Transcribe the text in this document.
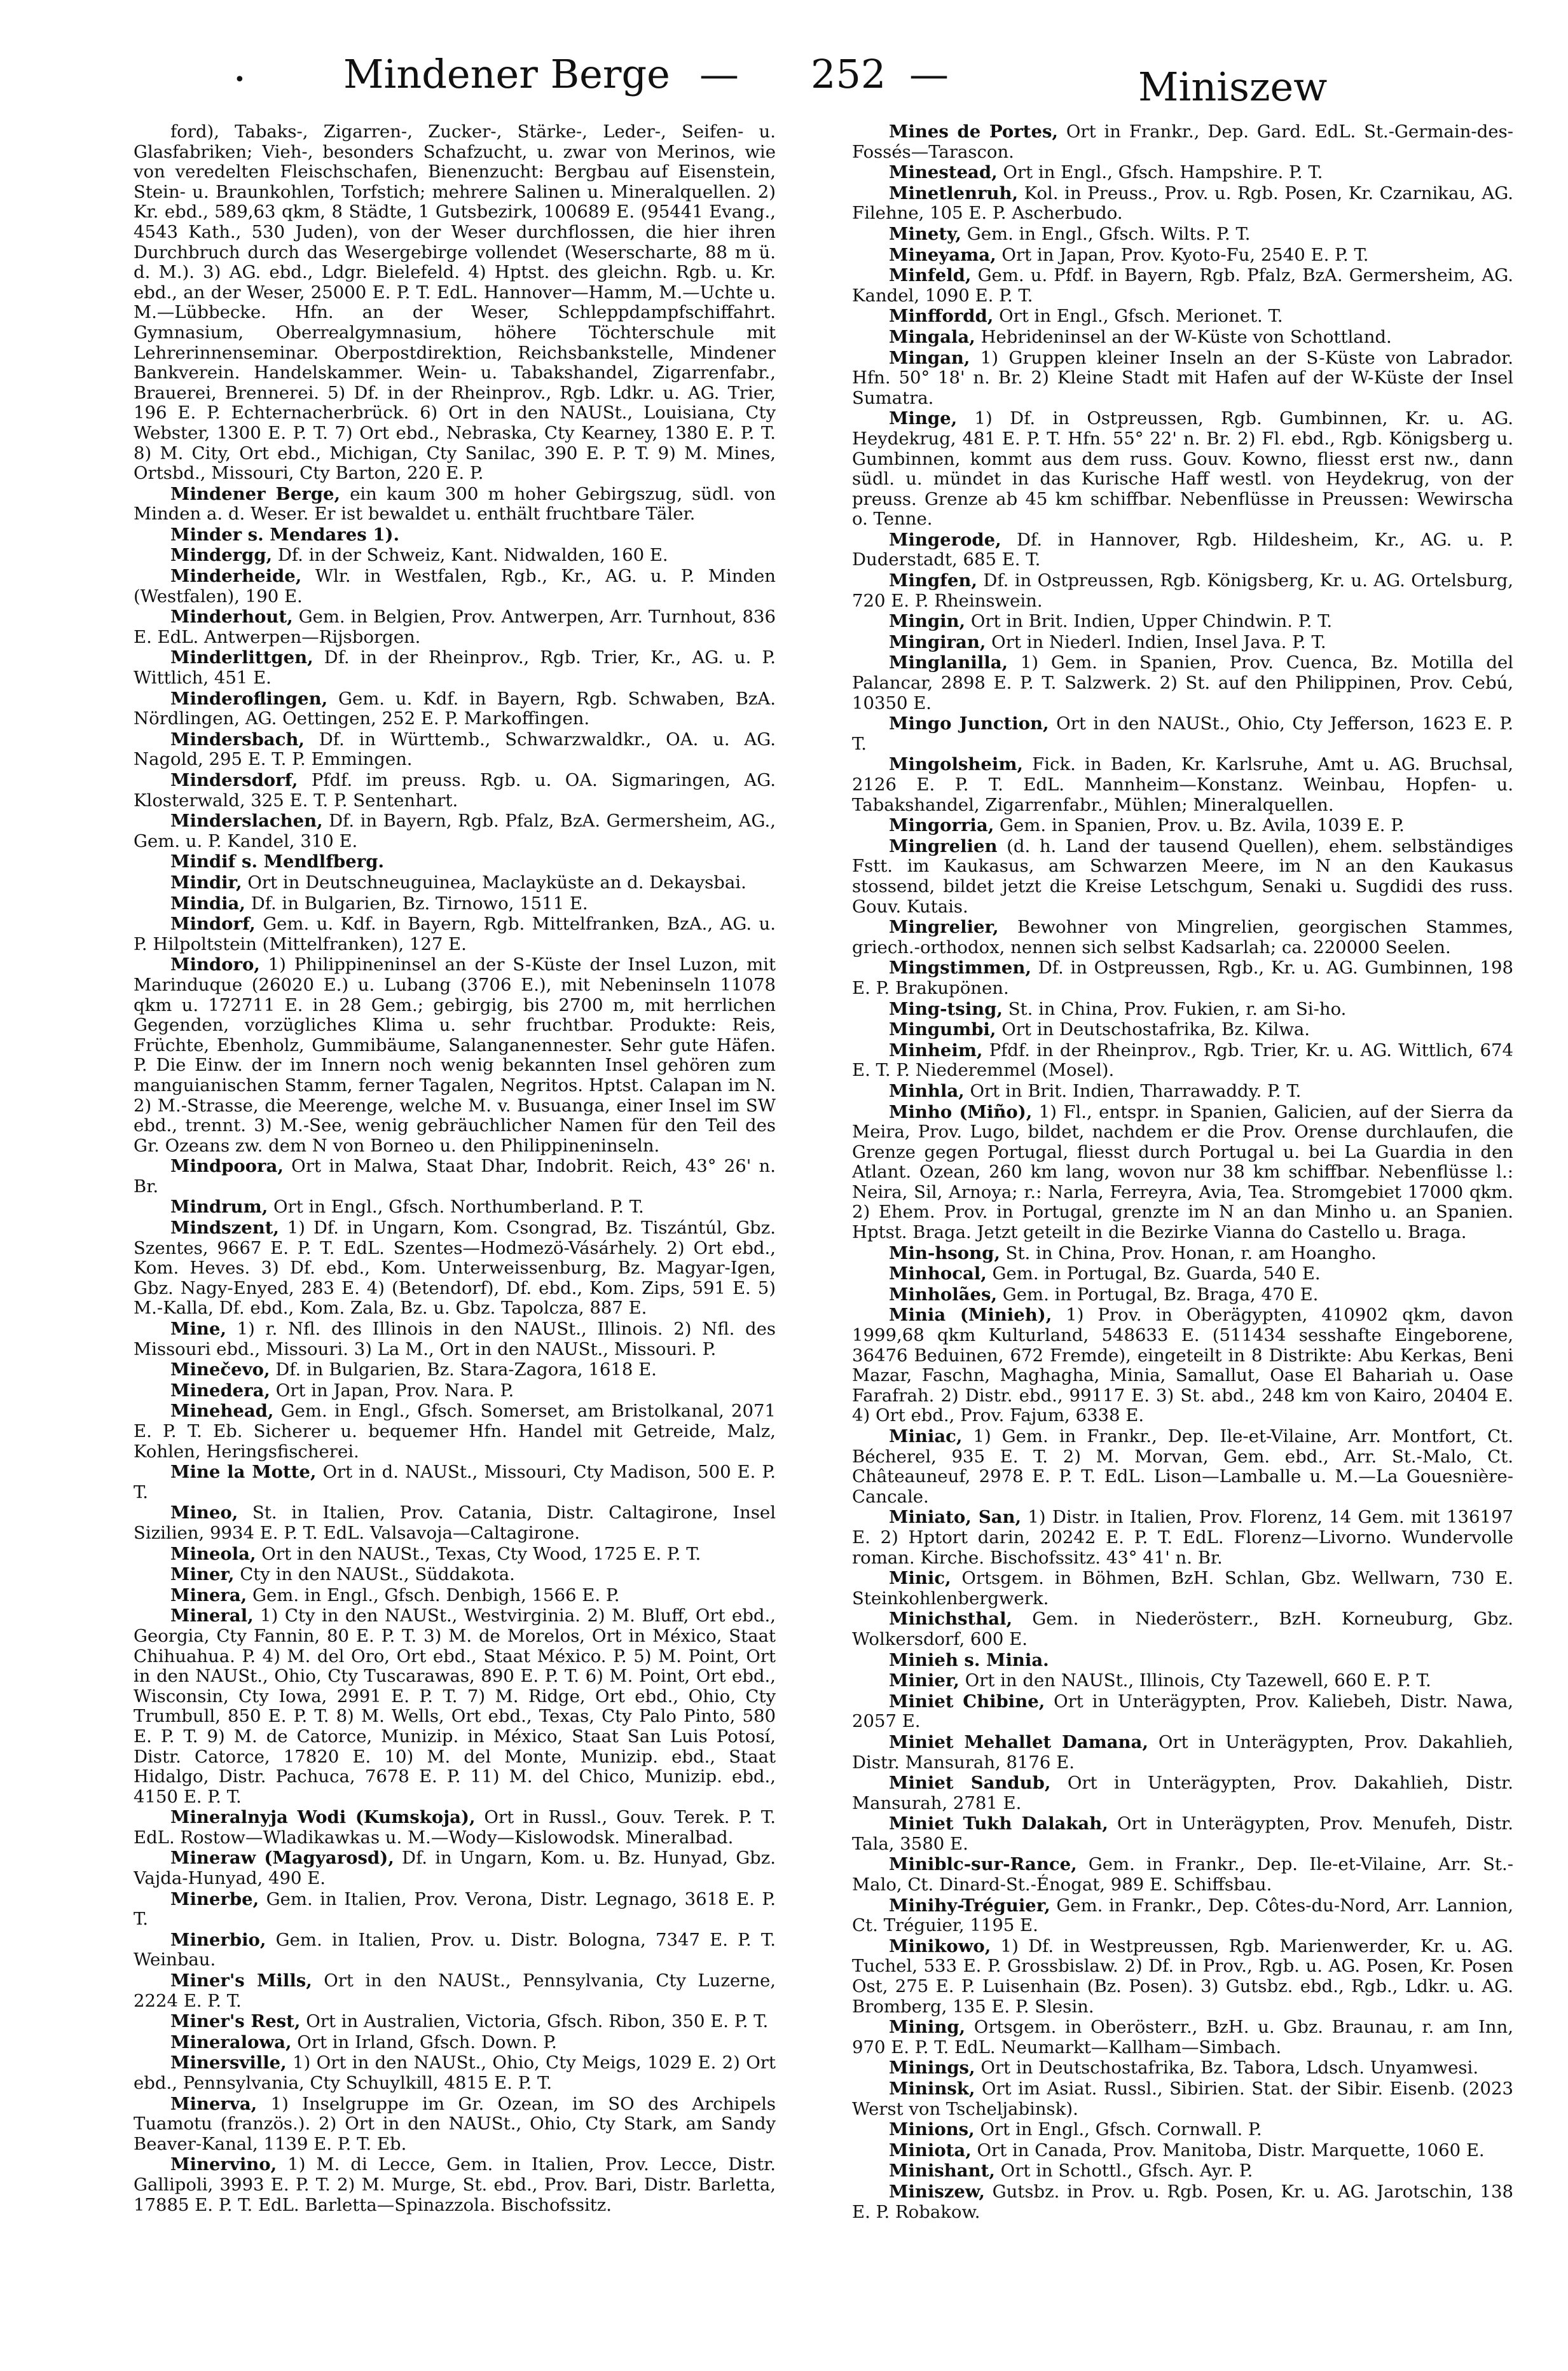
• Mindener Berge — 252 —	Miniszew

ford), Tabaks-, Zigarren-, Zucker-, Stärke-, Leder-, Seifen- u. Glasfabriken; Vieh-, besonders Schafzucht, u. zwar von Merinos, wie von veredelten Fleischschafen, Bienenzucht: Bergbau auf Eisenstein, Stein- u. Braunkohlen, Torfstich; mehrere Salinen u. Mineralquellen. 2) Kr. ebd., 589,63 qkm, 8 Städte, 1 Gutsbezirk, 100689 E. (95441 Evang., 4543 Kath., 530 Juden), von der Weser durchflossen, die hier ihren Durchbruch durch das Wesergebirge vollendet (Weserscharte, 88 m ü. d. M.). 3) AG. ebd., Ldgr. Bielefeld. 4) Hptst. des gleichn. Rgb. u. Kr. ebd., an der Weser, 25000 E. P. T. EdL. Hannover—Hamm, M.—Uchte u. M.—Lübbecke. Hfn. an der Weser, Schleppdampfschiffahrt. Gymnasium, Oberrealgymnasium, höhere Töchterschule mit Lehrerinnenseminar. Oberpostdirektion, Reichsbankstelle, Mindener Bankverein. Handelskammer. Wein- u. Tabakshandel, Zigarrenfabr., Brauerei, Brennerei. 5) Df. in der Rheinprov., Rgb. Ldkr. u. AG. Trier, 196 E. P. Echternacherbrück. 6) Ort in den NAUSt., Louisiana, Cty Webster, 1300 E. P. T. 7) Ort ebd., Nebraska, Cty Kearney, 1380 E. P. T. 8) M. City, Ort ebd., Michigan, Cty Sanilac, 390 E. P. T. 9) M. Mines, Ortsbd., Missouri, Cty Barton, 220 E. P.

Mindener Berge, ein kaum 300 m hoher Gebirgszug, südl. von Minden a. d. Weser. Er ist bewaldet u. enthält fruchtbare Täler.

Minder s. Mendares 1).

Mindergg, Df. in der Schweiz, Kant. Nidwalden, 160 E.

Minderheide, Wlr. in Westfalen, Rgb., Kr., AG. u. P. Minden (Westfalen), 190 E.

Minderhout, Gem. in Belgien, Prov. Antwerpen, Arr. Turnhout, 836 E. EdL. Antwerpen—Rijsborgen.

Minderlittgen, Df. in der Rheinprov., Rgb. Trier, Kr., AG. u. P. Wittlich, 451 E.

Minderoflingen, Gem. u. Kdf. in Bayern, Rgb. Schwaben, BzA. Nördlingen, AG. Oettingen, 252 E. P. Markoffingen.

Mindersbach, Df. in Württemb., Schwarzwaldkr., OA. u. AG. Nagold, 295 E. T. P. Emmingen.

Mindersdorf, Pfdf. im preuss. Rgb. u. OA. Sigmaringen, AG. Klosterwald, 325 E. T. P. Sentenhart.

Minderslachen, Df. in Bayern, Rgb. Pfalz, BzA. Germersheim, AG., Gem. u. P. Kandel, 310 E.

Mindif s. Mendlfberg.

Mindir, Ort in Deutschneuguinea, Maclayküste an d. Dekaysbai.

Mindia, Df. in Bulgarien, Bz. Tirnowo, 1511 E.

Mindorf, Gem. u. Kdf. in Bayern, Rgb. Mittelfranken, BzA., AG. u. P. Hilpoltstein (Mittelfranken), 127 E.

Mindoro, 1) Philippineninsel an der S-Küste der Insel Luzon, mit Marinduque (26020 E.) u. Lubang (3706 E.), mit Nebeninseln 11078 qkm u. 172711 E. in 28 Gem.; gebirgig, bis 2700 m, mit herrlichen Gegenden, vorzügliches Klima u. sehr fruchtbar. Produkte: Reis, Früchte, Ebenholz, Gummibäume, Salanganennester. Sehr gute Häfen. P. Die Einw. der im Innern noch wenig bekannten Insel gehören zum manguianischen Stamm, ferner Tagalen, Negritos. Hptst. Calapan im N. 2) M.-Strasse, die Meerenge, welche M. v. Busuanga, einer Insel im SW ebd., trennt. 3) M.-See, wenig gebräuchlicher Namen für den Teil des Gr. Ozeans zw. dem N von Borneo u. den Philippineninseln.

Mindpoora, Ort in Malwa, Staat Dhar, Indobrit. Reich, 43° 26' n. Br.

Mindrum, Ort in Engl., Gfsch. Northumberland. P. T.

Mindszent, 1) Df. in Ungarn, Kom. Csongrad, Bz. Tiszántúl, Gbz. Szentes, 9667 E. P. T. EdL. Szentes—Hodmezö-Vásárhely. 2) Ort ebd., Kom. Heves. 3) Df. ebd., Kom. Unterweissenburg, Bz. Magyar-Igen, Gbz. Nagy-Enyed, 283 E. 4) (Betendorf), Df. ebd., Kom. Zips, 591 E. 5) M.-Kalla, Df. ebd., Kom. Zala, Bz. u. Gbz. Tapolcza, 887 E.

Mine, 1) r. Nfl. des Illinois in den NAUSt., Illinois. 2) Nfl. des Missouri ebd., Missouri. 3) La M., Ort in den NAUSt., Missouri. P.

Minečevo, Df. in Bulgarien, Bz. Stara-Zagora, 1618 E.

Minedera, Ort in Japan, Prov. Nara. P.

Minehead, Gem. in Engl., Gfsch. Somerset, am Bristolkanal, 2071 E. P. T. Eb. Sicherer u. bequemer Hfn. Handel mit Getreide, Malz, Kohlen, Heringsfischerei.

Mine la Motte, Ort in d. NAUSt., Missouri, Cty Madison, 500 E. P. T.

Mineo, St. in Italien, Prov. Catania, Distr. Caltagirone, Insel Sizilien, 9934 E. P. T. EdL. Valsavoja—Caltagirone.

Mineola, Ort in den NAUSt., Texas, Cty Wood, 1725 E. P. T.

Miner, Cty in den NAUSt., Süddakota.

Minera, Gem. in Engl., Gfsch. Denbigh, 1566 E. P.

Mineral, 1) Cty in den NAUSt., Westvirginia. 2) M. Bluff, Ort ebd., Georgia, Cty Fannin, 80 E. P. T. 3) M. de Morelos, Ort in México, Staat Chihuahua. P. 4) M. del Oro, Ort ebd., Staat México. P. 5) M. Point, Ort in den NAUSt., Ohio, Cty Tuscarawas, 890 E. P. T. 6) M. Point, Ort ebd., Wisconsin, Cty Iowa, 2991 E. P. T. 7) M. Ridge, Ort ebd., Ohio, Cty Trumbull, 850 E. P. T. 8) M. Wells, Ort ebd., Texas, Cty Palo Pinto, 580 E. P. T. 9) M. de Catorce, Munizip. in México, Staat San Luis Potosí, Distr. Catorce, 17820 E. 10) M. del Monte, Munizip. ebd., Staat Hidalgo, Distr. Pachuca, 7678 E. P. 11) M. del Chico, Munizip. ebd., 4150 E. P. T.

Mineralnyja Wodi (Kumskoja), Ort in Russl., Gouv. Terek. P. T. EdL. Rostow—Wladikawkas u. M.—Wody—Kislowodsk. Mineralbad.

Mineraw (Magyarosd), Df. in Ungarn, Kom. u. Bz. Hunyad, Gbz. Vajda-Hunyad, 490 E.

Minerbe, Gem. in Italien, Prov. Verona, Distr. Legnago, 3618 E. P. T.

Minerbio, Gem. in Italien, Prov. u. Distr. Bologna, 7347 E. P. T. Weinbau.

Miner's Mills, Ort in den NAUSt., Pennsylvania, Cty Luzerne, 2224 E. P. T.

Miner's Rest, Ort in Australien, Victoria, Gfsch. Ribon, 350 E. P. T.

Mineralowa, Ort in Irland, Gfsch. Down. P.

Minersville, 1) Ort in den NAUSt., Ohio, Cty Meigs, 1029 E. 2) Ort ebd., Pennsylvania, Cty Schuylkill, 4815 E. P. T.

Minerva, 1) Inselgruppe im Gr. Ozean, im SO des Archipels Tuamotu (französ.). 2) Ort in den NAUSt., Ohio, Cty Stark, am Sandy Beaver-Kanal, 1139 E. P. T. Eb.

Minervino, 1) M. di Lecce, Gem. in Italien, Prov. Lecce, Distr. Gallipoli, 3993 E. P. T. 2) M. Murge, St. ebd., Prov. Bari, Distr. Barletta, 17885 E. P. T. EdL. Barletta—Spinazzola. Bischofssitz.

Mines de Portes, Ort in Frankr., Dep. Gard. EdL. St.-Germain-des-Fossés—Tarascon.

Minestead, Ort in Engl., Gfsch. Hampshire. P. T.

Minetlenruh, Kol. in Preuss., Prov. u. Rgb. Posen, Kr. Czarnikau, AG. Filehne, 105 E. P. Ascherbudo.

Minety, Gem. in Engl., Gfsch. Wilts. P. T.

Mineyama, Ort in Japan, Prov. Kyoto-Fu, 2540 E. P. T.

Minfeld, Gem. u. Pfdf. in Bayern, Rgb. Pfalz, BzA. Germersheim, AG. Kandel, 1090 E. P. T.

Minffordd, Ort in Engl., Gfsch. Merionet. T.

Mingala, Hebrideninsel an der W-Küste von Schottland.

Mingan, 1) Gruppen kleiner Inseln an der S-Küste von Labrador. Hfn. 50° 18' n. Br. 2) Kleine Stadt mit Hafen auf der W-Küste der Insel Sumatra.

Minge, 1) Df. in Ostpreussen, Rgb. Gumbinnen, Kr. u. AG. Heydekrug, 481 E. P. T. Hfn. 55° 22' n. Br. 2) Fl. ebd., Rgb. Königsberg u. Gumbinnen, kommt aus dem russ. Gouv. Kowno, fliesst erst nw., dann südl. u. mündet in das Kurische Haff westl. von Heydekrug, von der preuss. Grenze ab 45 km schiffbar. Nebenflüsse in Preussen: Wewirscha o. Tenne.

Mingerode, Df. in Hannover, Rgb. Hildesheim, Kr., AG. u. P. Duderstadt, 685 E. T.

Mingfen, Df. in Ostpreussen, Rgb. Königsberg, Kr. u. AG. Ortelsburg, 720 E. P. Rheinswein.

Mingin, Ort in Brit. Indien, Upper Chindwin. P. T.

Mingiran, Ort in Niederl. Indien, Insel Java. P. T.

Minglanilla, 1) Gem. in Spanien, Prov. Cuenca, Bz. Motilla del Palancar, 2898 E. P. T. Salzwerk. 2) St. auf den Philippinen, Prov. Cebú, 10350 E.

Mingo Junction, Ort in den NAUSt., Ohio, Cty Jefferson, 1623 E. P. T.

Mingolsheim, Fick. in Baden, Kr. Karlsruhe, Amt u. AG. Bruchsal, 2126 E. P. T. EdL. Mannheim—Konstanz. Weinbau, Hopfen- u. Tabakshandel, Zigarrenfabr., Mühlen; Mineralquellen.

Mingorria, Gem. in Spanien, Prov. u. Bz. Avila, 1039 E. P.

Mingrelien (d. h. Land der tausend Quellen), ehem. selbständiges Fstt. im Kaukasus, am Schwarzen Meere, im N an den Kaukasus stossend, bildet jetzt die Kreise Letschgum, Senaki u. Sugdidi des russ. Gouv. Kutais.

Mingrelier, Bewohner von Mingrelien, georgischen Stammes, griech.-orthodox, nennen sich selbst Kadsarlah; ca. 220000 Seelen.

Mingstimmen, Df. in Ostpreussen, Rgb., Kr. u. AG. Gumbinnen, 198 E. P. Brakupönen.

Ming-tsing, St. in China, Prov. Fukien, r. am Si-ho.

Mingumbi, Ort in Deutschostafrika, Bz. Kilwa.

Minheim, Pfdf. in der Rheinprov., Rgb. Trier, Kr. u. AG. Wittlich, 674 E. T. P. Niederemmel (Mosel).

Minhla, Ort in Brit. Indien, Tharrawaddy. P. T.

Minho (Miño), 1) Fl., entspr. in Spanien, Galicien, auf der Sierra da Meira, Prov. Lugo, bildet, nachdem er die Prov. Orense durchlaufen, die Grenze gegen Portugal, fliesst durch Portugal u. bei La Guardia in den Atlant. Ozean, 260 km lang, wovon nur 38 km schiffbar. Nebenflüsse l.: Neira, Sil, Arnoya; r.: Narla, Ferreyra, Avia, Tea. Stromgebiet 17000 qkm. 2) Ehem. Prov. in Portugal, grenzte im N an dan Minho u. an Spanien. Hptst. Braga. Jetzt geteilt in die Bezirke Vianna do Castello u. Braga.

Min-hsong, St. in China, Prov. Honan, r. am Hoangho.

Minhocal, Gem. in Portugal, Bz. Guarda, 540 E.

Minholães, Gem. in Portugal, Bz. Braga, 470 E.

Minia (Minieh), 1) Prov. in Oberägypten, 410902 qkm, davon 1999,68 qkm Kulturland, 548633 E. (511434 sesshafte Eingeborene, 36476 Beduinen, 672 Fremde), eingeteilt in 8 Distrikte: Abu Kerkas, Beni Mazar, Faschn, Maghagha, Minia, Samallut, Oase El Bahariah u. Oase Farafrah. 2) Distr. ebd., 99117 E. 3) St. abd., 248 km von Kairo, 20404 E. 4) Ort ebd., Prov. Fajum, 6338 E.

Miniac, 1) Gem. in Frankr., Dep. Ile-et-Vilaine, Arr. Montfort, Ct. Bécherel, 935 E. T. 2) M. Morvan, Gem. ebd., Arr. St.-Malo, Ct. Châteauneuf, 2978 E. P. T. EdL. Lison—Lamballe u. M.—La Gouesnière-Cancale.

Miniato, San, 1) Distr. in Italien, Prov. Florenz, 14 Gem. mit 136197 E. 2) Hptort darin, 20242 E. P. T. EdL. Florenz—Livorno. Wundervolle roman. Kirche. Bischofssitz. 43° 41' n. Br.

Minic, Ortsgem. in Böhmen, BzH. Schlan, Gbz. Wellwarn, 730 E. Steinkohlenbergwerk.

Minichsthal, Gem. in Niederösterr., BzH. Korneuburg, Gbz. Wolkersdorf, 600 E.

Minieh s. Minia.

Minier, Ort in den NAUSt., Illinois, Cty Tazewell, 660 E. P. T.

Miniet Chibine, Ort in Unterägypten, Prov. Kaliebeh, Distr. Nawa, 2057 E.

Miniet Mehallet Damana, Ort in Unterägypten, Prov. Dakahlieh, Distr. Mansurah, 8176 E.

Miniet Sandub, Ort in Unterägypten, Prov. Dakahlieh, Distr. Mansurah, 2781 E.

Miniet Tukh Dalakah, Ort in Unterägypten, Prov. Menufeh, Distr. Tala, 3580 E.

Miniblc-sur-Rance, Gem. in Frankr., Dep. Ile-et-Vilaine, Arr. St.-Malo, Ct. Dinard-St.-Énogat, 989 E. Schiffsbau.

Minihy-Tréguier, Gem. in Frankr., Dep. Côtes-du-Nord, Arr. Lannion, Ct. Tréguier, 1195 E.

Minikowo, 1) Df. in Westpreussen, Rgb. Marienwerder, Kr. u. AG. Tuchel, 533 E. P. Grossbislaw. 2) Df. in Prov., Rgb. u. AG. Posen, Kr. Posen Ost, 275 E. P. Luisenhain (Bz. Posen). 3) Gutsbz. ebd., Rgb., Ldkr. u. AG. Bromberg, 135 E. P. Slesin.

Mining, Ortsgem. in Oberösterr., BzH. u. Gbz. Braunau, r. am Inn, 970 E. P. T. EdL. Neumarkt—Kallham—Simbach.

Minings, Ort in Deutschostafrika, Bz. Tabora, Ldsch. Unyamwesi.

Mininsk, Ort im Asiat. Russl., Sibirien. Stat. der Sibir. Eisenb. (2023 Werst von Tscheljabinsk).

Minions, Ort in Engl., Gfsch. Cornwall. P.

Miniota, Ort in Canada, Prov. Manitoba, Distr. Marquette, 1060 E.

Minishant, Ort in Schottl., Gfsch. Ayr. P.

Miniszew, Gutsbz. in Prov. u. Rgb. Posen, Kr. u. AG. Jarotschin, 138 E. P. Robakow.
